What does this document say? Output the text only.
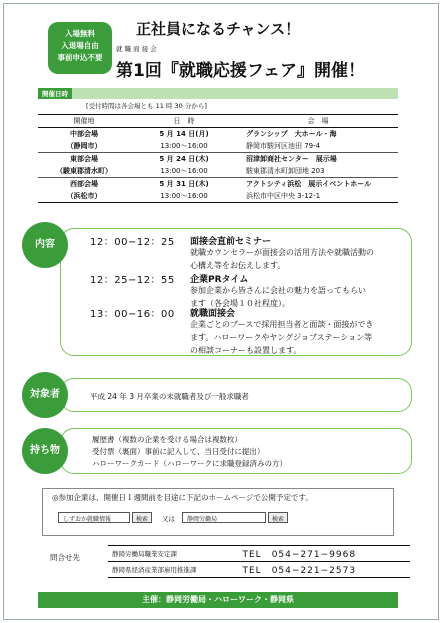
入場無料
入退場自由
事前申込不要
正社員になるチャンス！
就 職 面 接 会
第1回『就職応援フェア』開催！
開催日時
[受付時間は各会場とも 11 時 30 分から]
開催地	日　時	会　場
中部会場	5 月 14 日(月)	グランシップ　大ホール・海
（静岡市）	13:00〜16:00	静岡市駿河区池田 79-4
東部会場	5 月 24 日(木)	沼津卸商社センター　展示場
（駿東郡清水町）	13:00〜16:00	駿東郡清水町卸団地 203
西部会場	5 月 31 日(木)	アクトシティ浜松　展示イベントホール
（浜松市）	13:00〜16:00	浜松市中区中央 3-12-1
内容	12：00−12：25 面接会直前セミナー
就職カウンセラーが面接会の活用方法や就職活動の
心構え等をお伝えします。
12：25−12：55 企業PRタイム
参加企業から皆さんに会社の魅力を語ってもらい
ます（各会場１０社程度）。
13：00−16：00 就職面接会
企業ごとのブースで採用担当者と面談・面接ができ
ます。ハローワークやヤングジョブステーション等
の相談コーナーも設置します。
対象者	平成 24 年 3 月卒業の未就職者及び一般求職者
持ち物
履歴書（複数の企業を受ける場合は複数枚）
受付票（裏面）事前に記入して、当日受付に提出）
ハローワークカード（ハローワークに求職登録済みの方）
◎参加企業は、開催日１週間前を目途に下記のホームページで公開予定です。
しずおか就職情報	検索	又は	静岡労働局	検索
問合せ先	静岡労働局職業安定課	TEL　054−271−9968
静岡県経済産業部雇用推進課	TEL　054−221−2573
主催：静岡労働局・ハローワーク・静岡県
